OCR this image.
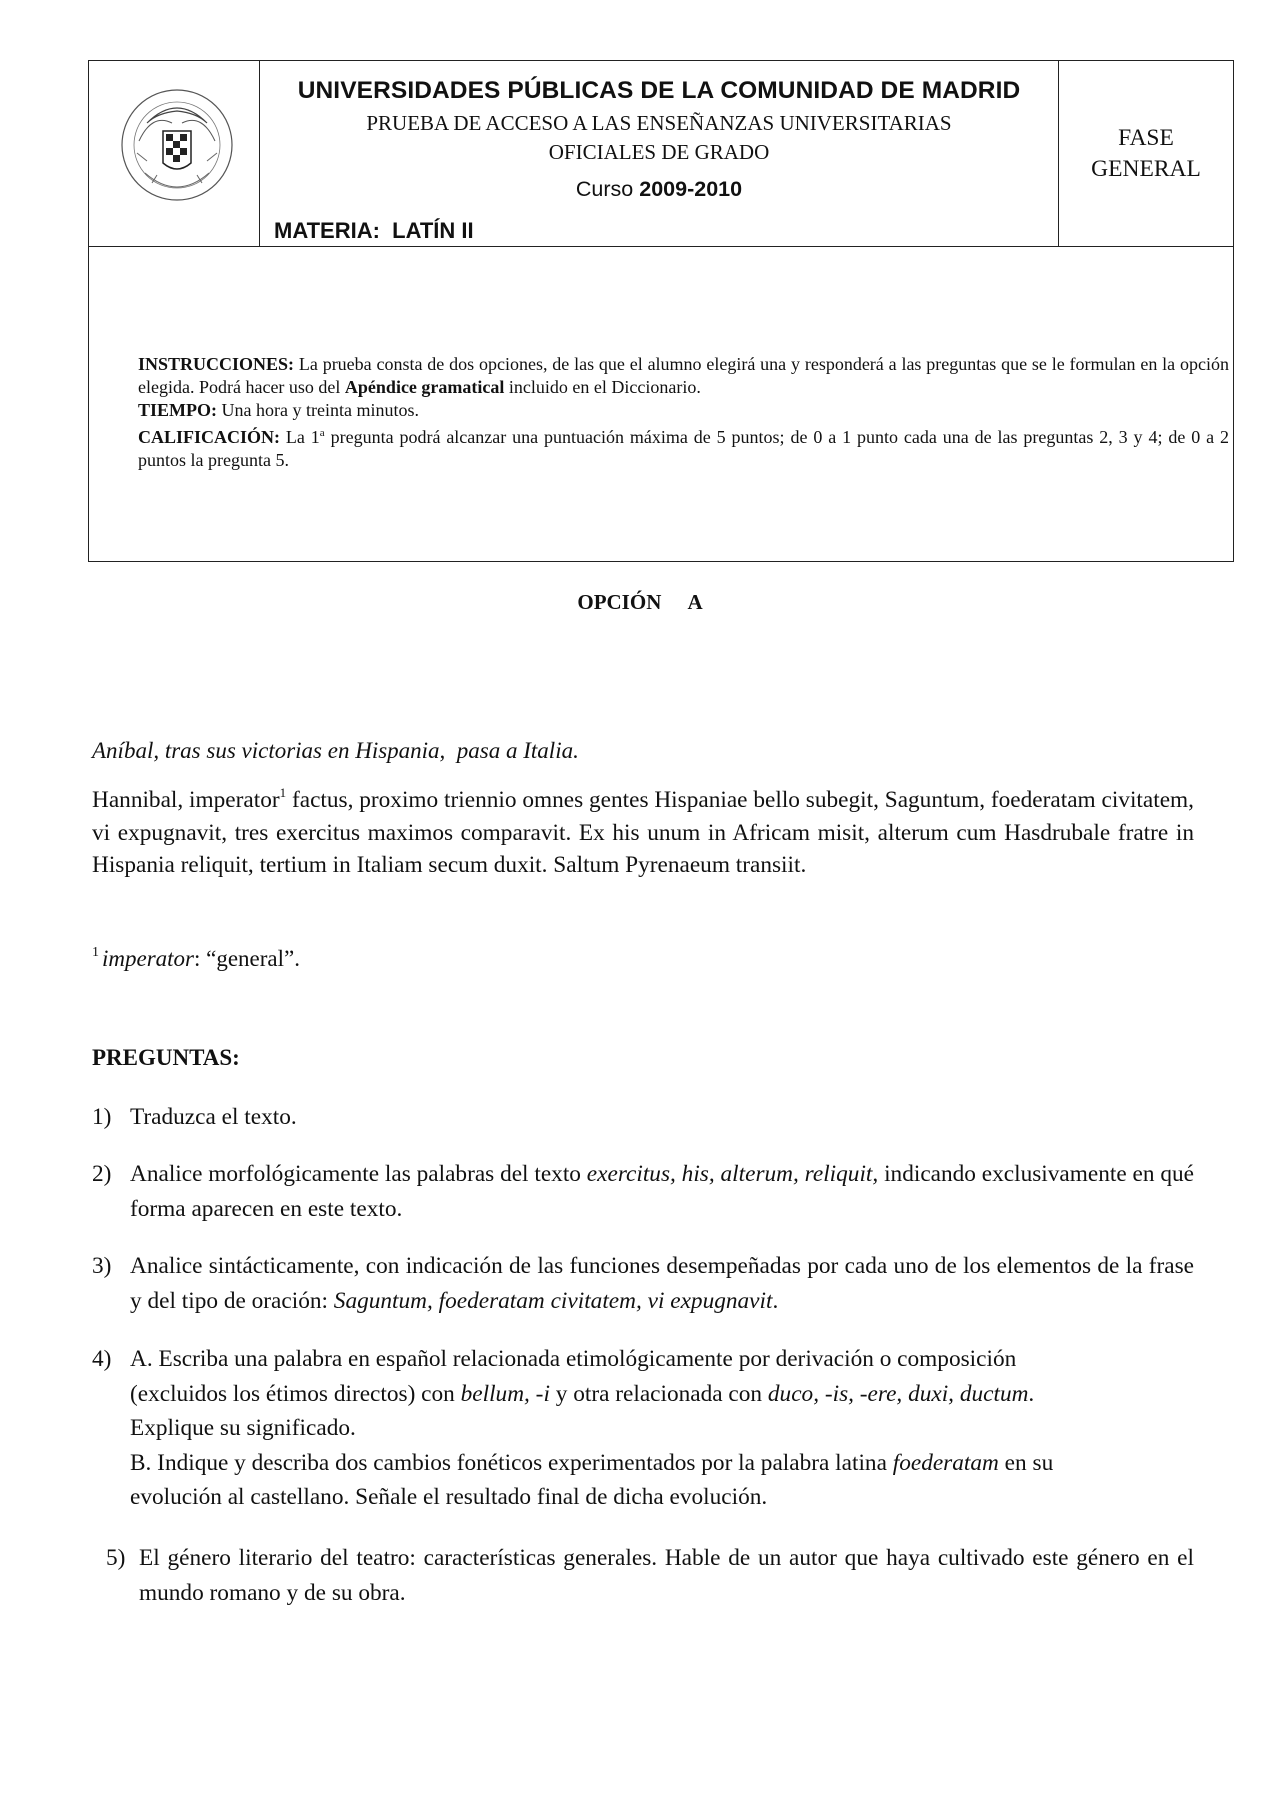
UNIVERSIDADES PÚBLICAS DE LA COMUNIDAD DE MADRID
PRUEBA DE ACCESO A LAS ENSEÑANZAS UNIVERSITARIAS
OFICIALES DE GRADO
Curso 2009-2010
MATERIA:  LATÍN II
FASE
GENERAL

INSTRUCCIONES: La prueba consta de dos opciones, de las que el alumno elegirá una y responderá a las preguntas que se le formulan en la opción elegida. Podrá hacer uso del Apéndice gramatical incluido en el Diccionario.

TIEMPO: Una hora y treinta minutos.

CALIFICACIÓN: La 1$^a$ pregunta podrá alcanzar una puntuación máxima de 5 puntos; de 0 a 1 punto cada una de las preguntas 2, 3 y 4; de 0 a 2 puntos la pregunta 5.

OPCIÓN A
Aníbal, tras sus victorias en Hispania,  pasa a Italia.
Hannibal, imperator$^1$ factus, proximo triennio omnes gentes Hispaniae bello subegit, Saguntum, foederatam civitatem, vi expugnavit, tres exercitus maximos comparavit. Ex his unum in Africam misit, alterum cum Hasdrubale fratre in Hispania reliquit, tertium in Italiam secum duxit. Saltum Pyrenaeum transiit.
$^1$ imperator: “general”.
PREGUNTAS:
1) Traduzca el texto.
2) Analice morfológicamente las palabras del texto exercitus, his, alterum, reliquit, indicando exclusivamente en qué forma aparecen en este texto.
3) Analice sintácticamente, con indicación de las funciones desempeñadas por cada uno de los elementos de la frase y del tipo de oración: Saguntum, foederatam civitatem, vi expugnavit.
4) A. Escriba una palabra en español relacionada etimológicamente por derivación o composición
(excluidos los étimos directos) con bellum, -i y otra relacionada con duco, -is, -ere, duxi, ductum.
Explique su significado.
B. Indique y describa dos cambios fonéticos experimentados por la palabra latina foederatam en su
evolución al castellano. Señale el resultado final de dicha evolución.
5) El género literario del teatro: características generales. Hable de un autor que haya cultivado este género en el mundo romano y de su obra.
